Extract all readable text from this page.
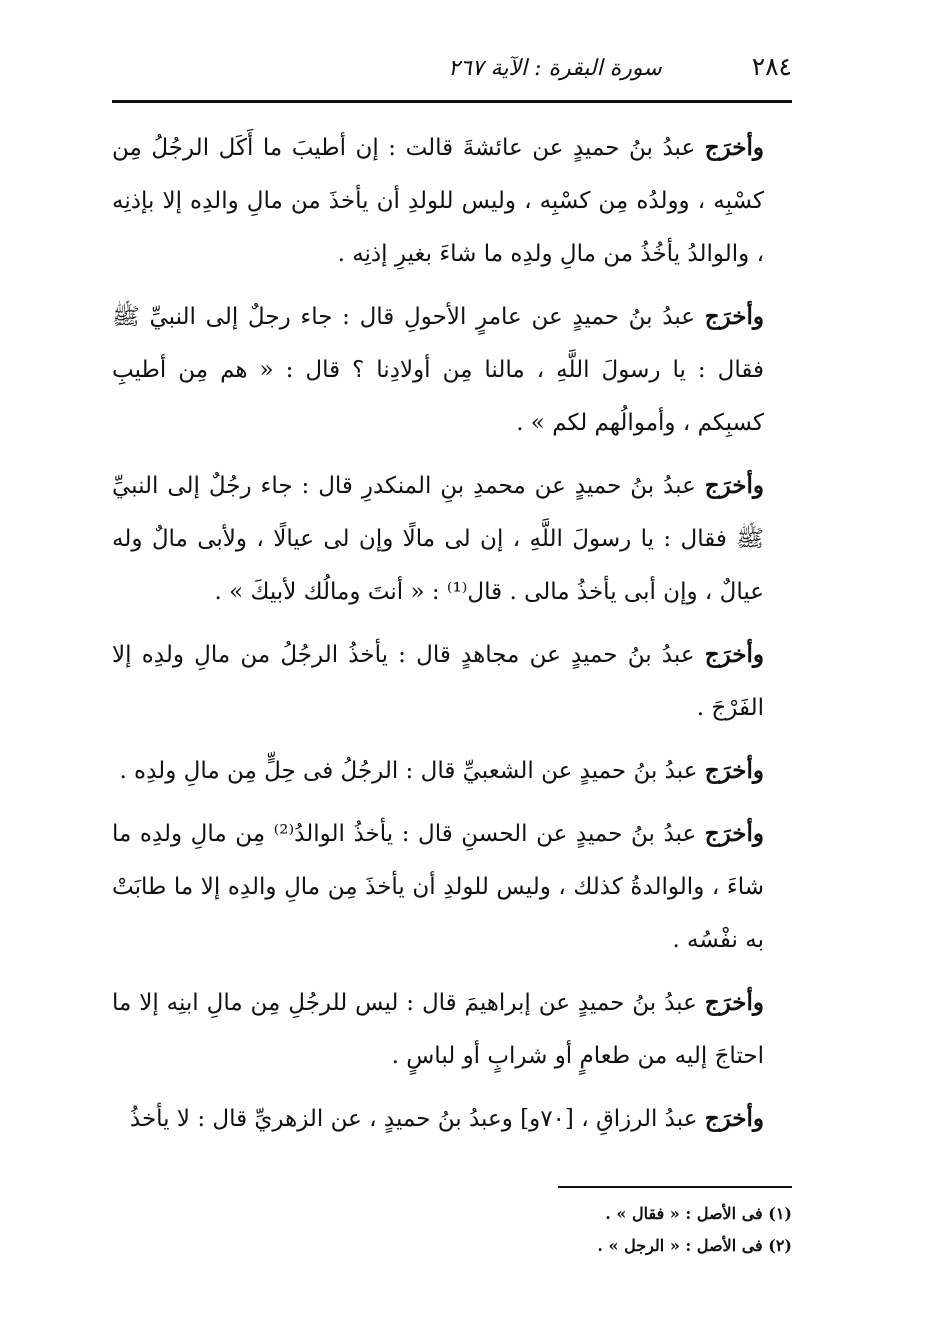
٢٨٤
سورة البقرة : الآية ٢٦٧

وأخرَج عبدُ بنُ حميدٍ عن عائشةَ قالت : إن أطيبَ ما أَكَل الرجُلُ مِن كسْبِه ، وولدُه مِن كسْبِه ، وليس للولدِ أن يأخذَ من مالِ والدِه إلا بإذنِه ، والوالدُ يأخُذُ من مالِ ولدِه ما شاءَ بغيرِ إذنِه .

وأخرَج عبدُ بنُ حميدٍ عن عامرٍ الأحولِ قال : جاء رجلٌ إلى النبيِّ ﷺ فقال : يا رسولَ اللَّهِ ، مالنا مِن أولادِنا ؟ قال : « هم مِن أطيبِ كسبِكم ، وأموالُهم لكم » .

وأخرَج عبدُ بنُ حميدٍ عن محمدِ بنِ المنكدرِ قال : جاء رجُلٌ إلى النبيِّ ﷺ فقال : يا رسولَ اللَّهِ ، إن لى مالًا وإن لى عيالًا ، ولأبى مالٌ وله عيالٌ ، وإن أبى يأخذُ مالى . قال⁽¹⁾ : « أنتَ ومالُك لأبيكَ » .

وأخرَج عبدُ بنُ حميدٍ عن مجاهدٍ قال : يأخذُ الرجُلُ من مالِ ولدِه إلا الفَرْجَ .

وأخرَج عبدُ بنُ حميدٍ عن الشعبيِّ قال : الرجُلُ فى حِلٍّ مِن مالِ ولدِه .

وأخرَج عبدُ بنُ حميدٍ عن الحسنِ قال : يأخذُ الوالدُ⁽²⁾ مِن مالِ ولدِه ما شاءَ ، والوالدةُ كذلك ، وليس للولدِ أن يأخذَ مِن مالِ والدِه إلا ما طابَتْ به نفْسُه .

وأخرَج عبدُ بنُ حميدٍ عن إبراهيمَ قال : ليس للرجُلِ مِن مالِ ابنِه إلا ما احتاجَ إليه من طعامٍ أو شرابٍ أو لباسٍ .

وأخرَج عبدُ الرزاقِ ، [٧٠و] وعبدُ بنُ حميدٍ ، عن الزهريِّ قال : لا يأخذُ

(١) فى الأصل : « فقال » .

(٢) فى الأصل : « الرجل » .
